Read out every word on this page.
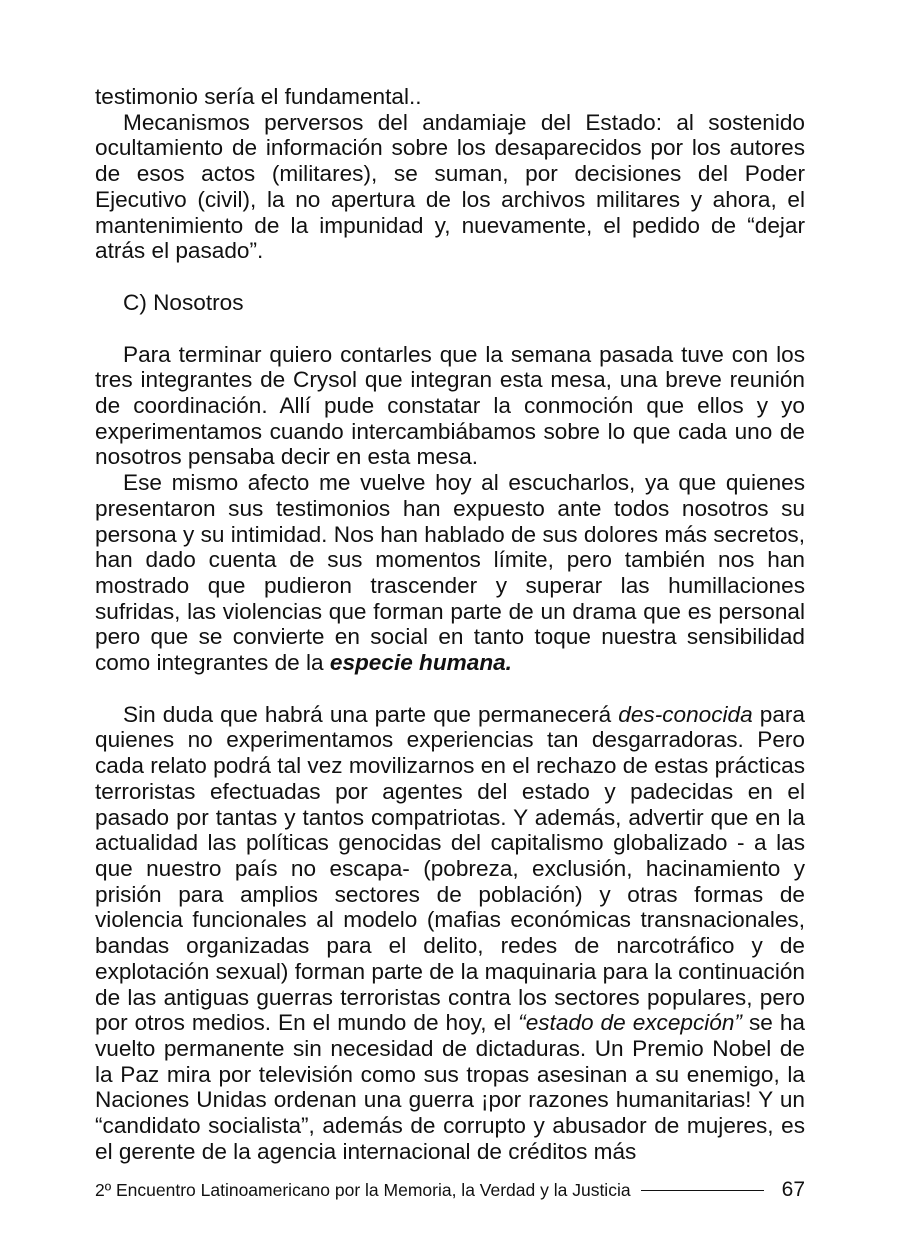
testimonio sería el fundamental..

Mecanismos perversos del andamiaje del Estado: al sostenido ocultamiento de información sobre los desaparecidos por los autores de esos actos (militares), se suman, por decisiones del Poder Ejecutivo (civil), la no apertura de los archivos militares y ahora, el mantenimiento de la impunidad y, nuevamente, el pedido de “dejar atrás el pasado”.

C) Nosotros

Para terminar quiero contarles que la semana pasada tuve con los tres integrantes de Crysol que integran esta mesa, una breve reunión de coordinación. Allí pude constatar la conmoción que ellos y yo experimentamos cuando intercambiábamos sobre lo que cada uno de nosotros pensaba decir en esta mesa.

Ese mismo afecto me vuelve hoy al escucharlos, ya que quienes presentaron sus testimonios han expuesto ante todos nosotros su persona y su intimidad. Nos han hablado de sus dolores más secretos, han dado cuenta de sus momentos límite, pero también nos han mostrado que pudieron trascender y superar las humillaciones sufridas, las violencias que forman parte de un drama que es personal pero que se convierte en social en tanto toque nuestra sensibilidad como integrantes de la especie humana.

Sin duda que habrá una parte que permanecerá des-conocida para quienes no experimentamos experiencias tan desgarradoras. Pero cada relato podrá tal vez movilizarnos en el rechazo de estas prácticas terroristas efectuadas por agentes del estado y padecidas en el pasado por tantas y tantos compatriotas. Y además, advertir que en la actualidad las políticas genocidas del capitalismo globalizado - a las que nuestro país no escapa- (pobreza, exclusión, hacinamiento y prisión para amplios sectores de población) y otras formas de violencia funcionales al modelo (mafias económicas transnacionales, bandas organizadas para el delito, redes de narcotráfico y de explotación sexual) forman parte de la maquinaria para la continuación de las antiguas guerras terroristas contra los sectores populares, pero por otros medios. En el mundo de hoy, el “estado de excepción” se ha vuelto permanente sin necesidad de dictaduras. Un Premio Nobel de la Paz mira por televisión como sus tropas asesinan a su enemigo, la Naciones Unidas ordenan una guerra ¡por razones humanitarias! Y un “candidato socialista”, además de corrupto y abusador de mujeres, es el gerente de la agencia internacional de créditos más

2º Encuentro Latinoamericano por la Memoria, la Verdad y la Justicia	67
